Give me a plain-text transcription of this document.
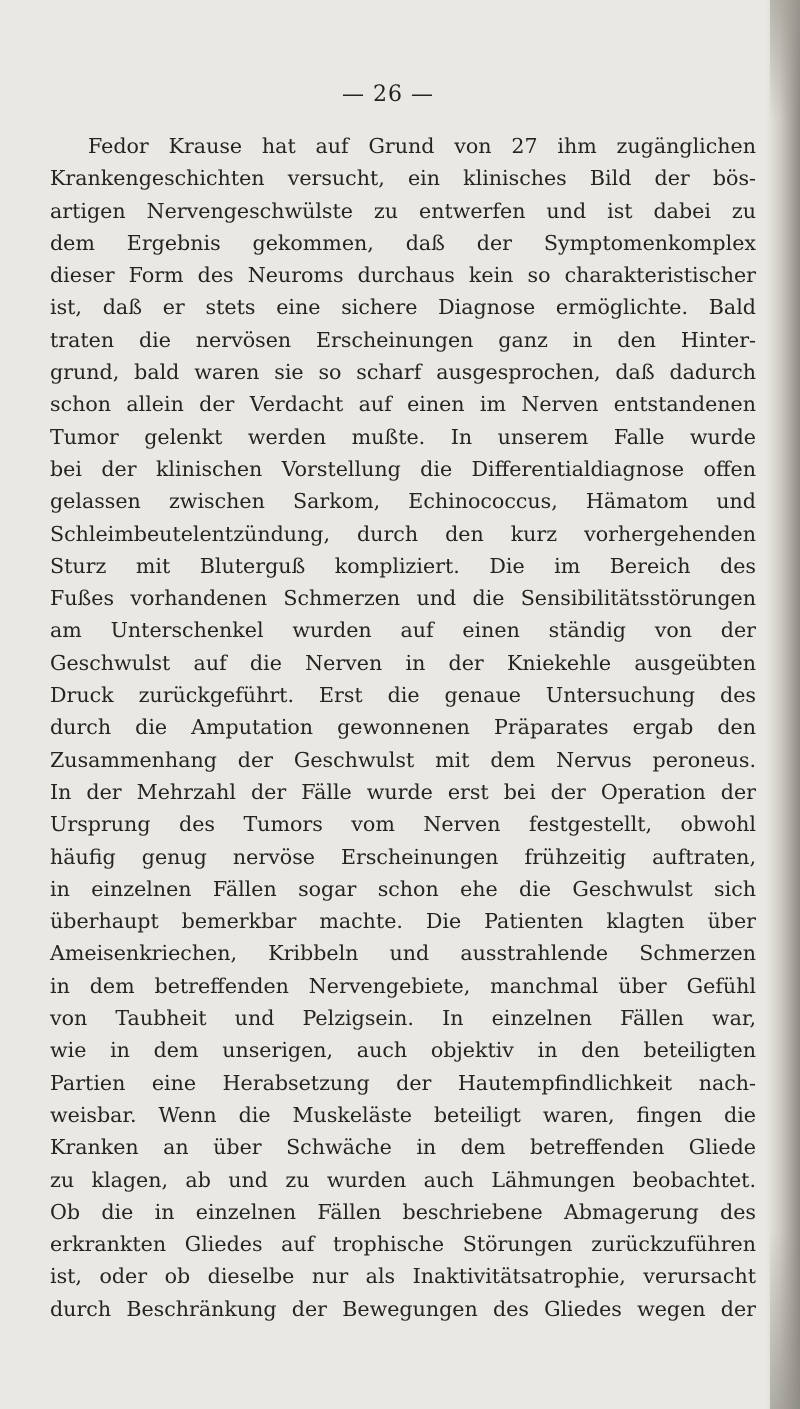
— 26 —
Fedor Krause hat auf Grund von 27 ihm zugänglichen
Krankengeschichten versucht, ein klinisches Bild der bös-
artigen Nervengeschwülste zu entwerfen und ist dabei zu
dem Ergebnis gekommen, daß der Symptomenkomplex
dieser Form des Neuroms durchaus kein so charakteristischer
ist, daß er stets eine sichere Diagnose ermöglichte. Bald
traten die nervösen Erscheinungen ganz in den Hinter-
grund, bald waren sie so scharf ausgesprochen, daß dadurch
schon allein der Verdacht auf einen im Nerven entstandenen
Tumor gelenkt werden mußte. In unserem Falle wurde
bei der klinischen Vorstellung die Differentialdiagnose offen
gelassen zwischen Sarkom, Echinococcus, Hämatom und
Schleimbeutelentzündung, durch den kurz vorhergehenden
Sturz mit Bluterguß kompliziert. Die im Bereich des
Fußes vorhandenen Schmerzen und die Sensibilitätsstörungen
am Unterschenkel wurden auf einen ständig von der
Geschwulst auf die Nerven in der Kniekehle ausgeübten
Druck zurückgeführt. Erst die genaue Untersuchung des
durch die Amputation gewonnenen Präparates ergab den
Zusammenhang der Geschwulst mit dem Nervus peroneus.
In der Mehrzahl der Fälle wurde erst bei der Operation der
Ursprung des Tumors vom Nerven festgestellt, obwohl
häufig genug nervöse Erscheinungen frühzeitig auftraten,
in einzelnen Fällen sogar schon ehe die Geschwulst sich
überhaupt bemerkbar machte. Die Patienten klagten über
Ameisenkriechen, Kribbeln und ausstrahlende Schmerzen
in dem betreffenden Nervengebiete, manchmal über Gefühl
von Taubheit und Pelzigsein. In einzelnen Fällen war,
wie in dem unserigen, auch objektiv in den beteiligten
Partien eine Herabsetzung der Hautempfindlichkeit nach-
weisbar. Wenn die Muskeläste beteiligt waren, fingen die
Kranken an über Schwäche in dem betreffenden Gliede
zu klagen, ab und zu wurden auch Lähmungen beobachtet.
Ob die in einzelnen Fällen beschriebene Abmagerung des
erkrankten Gliedes auf trophische Störungen zurückzuführen
ist, oder ob dieselbe nur als Inaktivitätsatrophie, verursacht
durch Beschränkung der Bewegungen des Gliedes wegen der
